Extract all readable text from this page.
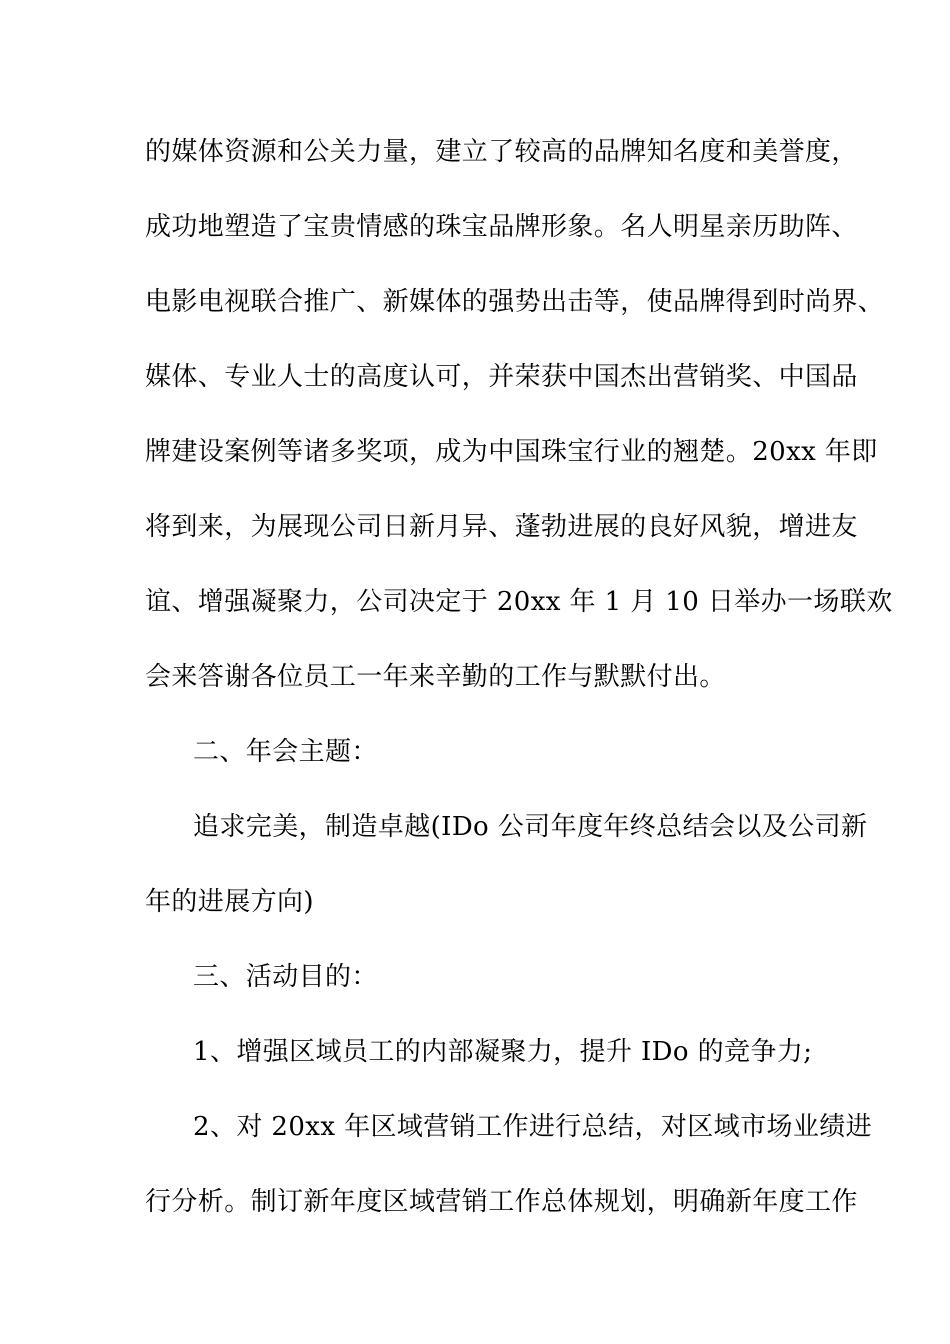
的媒体资源和公关力量，建立了较高的品牌知名度和美誉度，
成功地塑造了宝贵情感的珠宝品牌形象。名人明星亲历助阵、
电影电视联合推广、新媒体的强势出击等，使品牌得到时尚界、
媒体、专业人士的高度认可，并荣获中国杰出营销奖、中国品
牌建设案例等诸多奖项，成为中国珠宝行业的翘楚。20xx 年即
将到来，为展现公司日新月异、蓬勃进展的良好风貌，增进友
谊、增强凝聚力，公司决定于 20xx 年 1 月 10 日举办一场联欢
会来答谢各位员工一年来辛勤的工作与默默付出。
二、年会主题：
追求完美，制造卓越(IDo 公司年度年终总结会以及公司新
年的进展方向)
三、活动目的：
1、增强区域员工的内部凝聚力，提升 IDo 的竞争力;
2、对 20xx 年区域营销工作进行总结，对区域市场业绩进
行分析。制订新年度区域营销工作总体规划，明确新年度工作
